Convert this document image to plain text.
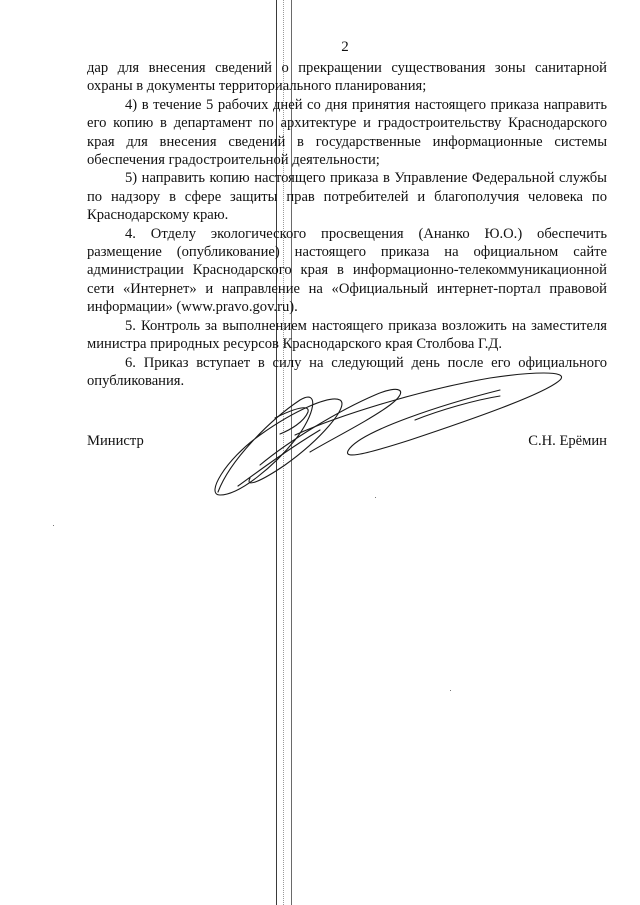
2

дар для внесения сведений о прекращении существования зоны санитарной охраны в документы территориального планирования;

4) в течение 5 рабочих дней со дня принятия настоящего приказа направить его копию в департамент по архитектуре и градостроительству Краснодарского края для внесения сведений в государственные информационные системы обеспечения градостроительной деятельности;

5) направить копию настоящего приказа в Управление Федеральной службы по надзору в сфере защиты прав потребителей и благополучия человека по Краснодарскому краю.

4. Отделу экологического просвещения (Ананко Ю.О.) обеспечить размещение (опубликование) настоящего приказа на официальном сайте администрации Краснодарского края в информационно-телекоммуникационной сети «Интернет» и направление на «Официальный интернет-портал правовой информации» (www.pravo.gov.ru).

5. Контроль за выполнением настоящего приказа возложить на заместителя министра природных ресурсов Краснодарского края Столбова Г.Д.

6. Приказ вступает в силу на следующий день после его официального опубликования.

Министр	С.Н. Ерёмин
